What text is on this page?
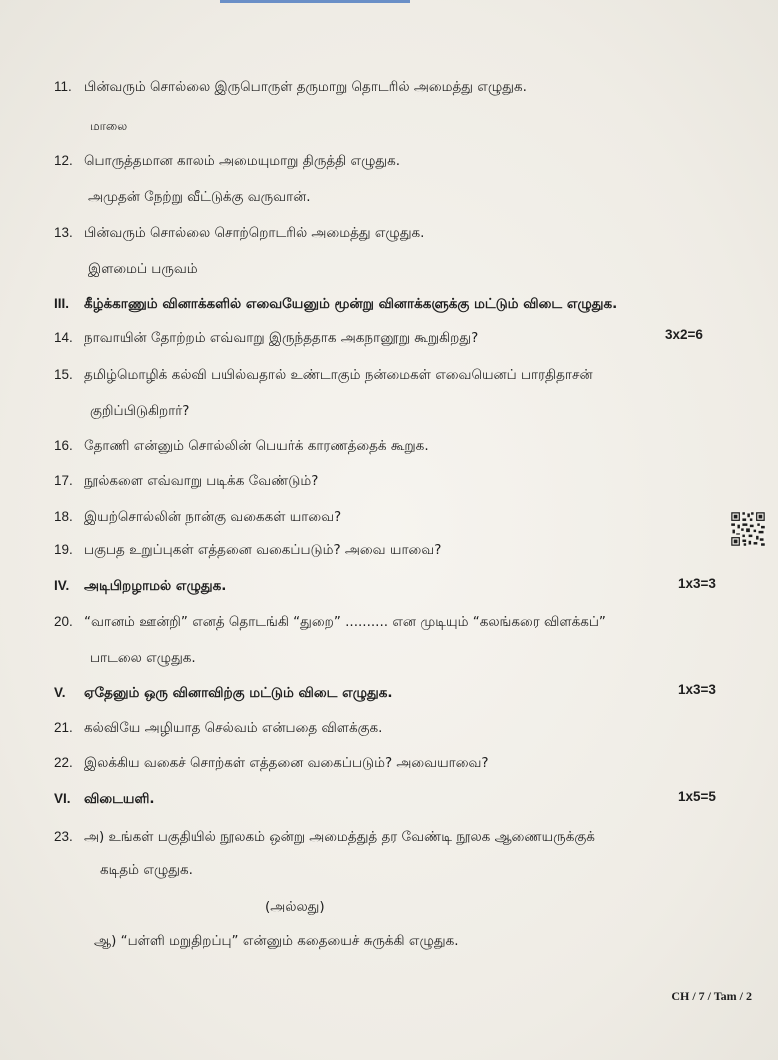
11. பின்வரும் சொல்லை இருபொருள் தருமாறு தொடரில் அமைத்து எழுதுக.
மாலை
12. பொருத்தமான காலம் அமையுமாறு திருத்தி எழுதுக.
அமுதன் நேற்று வீட்டுக்கு வருவான்.
13. பின்வரும் சொல்லை சொற்றொடரில் அமைத்து எழுதுக.
இளமைப் பருவம்
III. கீழ்க்காணும் வினாக்களில் எவையேனும் மூன்று வினாக்களுக்கு மட்டும் விடை எழுதுக.
14. நாவாயின் தோற்றம் எவ்வாறு இருந்ததாக அகநானூறு கூறுகிறது?	3x2=6
15. தமிழ்மொழிக் கல்வி பயில்வதால் உண்டாகும் நன்மைகள் எவையெனப் பாரதிதாசன்
குறிப்பிடுகிறார்?
16. தோணி என்னும் சொல்லின் பெயர்க் காரணத்தைக் கூறுக.
17. நூல்களை எவ்வாறு படிக்க வேண்டும்?
18. இயற்சொல்லின் நான்கு வகைகள் யாவை?
19. பகுபத உறுப்புகள் எத்தனை வகைப்படும்? அவை யாவை?
IV. அடிபிறழாமல் எழுதுக.	1x3=3
20. “வானம் ஊன்றி” எனத் தொடங்கி “துறை” .......... என முடியும் “கலங்கரை விளக்கப்”
பாடலை எழுதுக.
V. ஏதேனும் ஒரு வினாவிற்கு மட்டும் விடை எழுதுக.	1x3=3
21. கல்வியே அழியாத செல்வம் என்பதை விளக்குக.
22. இலக்கிய வகைச் சொற்கள் எத்தனை வகைப்படும்? அவையாவை?
VI. விடையளி.	1x5=5
23. அ) உங்கள் பகுதியில் நூலகம் ஒன்று அமைத்துத் தர வேண்டி நூலக ஆணையருக்குக்
கடிதம் எழுதுக.
(அல்லது)
ஆ) “பள்ளி மறுதிறப்பு” என்னும் கதையைச் சுருக்கி எழுதுக.
CH / 7 / Tam / 2
